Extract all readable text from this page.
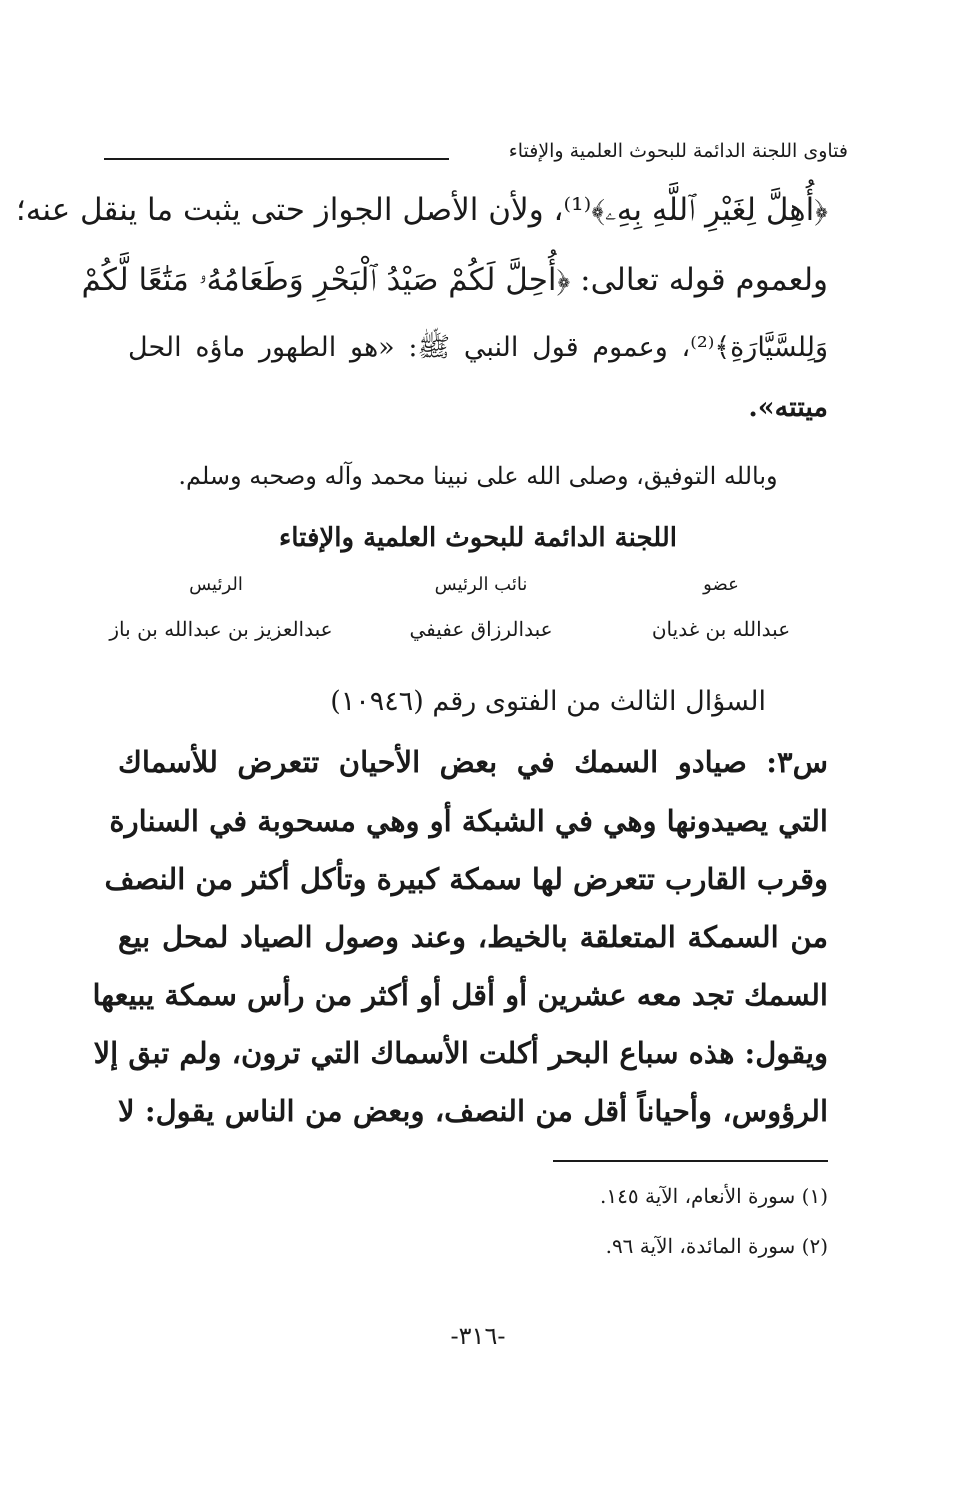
فتاوى اللجنة الدائمة للبحوث العلمية والإفتاء
﴿أُهِلَّ لِغَيْرِ ٱللَّهِ بِهِۦ﴾⁽¹⁾، ولأن الأصل الجواز حتى يثبت ما ينقل عنه؛
ولعموم قوله تعالى: ﴿أُحِلَّ لَكُمْ صَيْدُ ٱلْبَحْرِ وَطَعَامُهُۥ مَتَٰعًا لَّكُمْ
وَلِلسَّيَّارَةِ﴾⁽²⁾، وعموم قول النبي ﷺ: «هو الطهور ماؤه الحل
ميتته».
وبالله التوفيق، وصلى الله على نبينا محمد وآله وصحبه وسلم.
اللجنة الدائمة للبحوث العلمية والإفتاء
عضو
نائب الرئيس
الرئيس
عبدالله بن غديان
عبدالرزاق عفيفي
عبدالعزيز بن عبدالله بن باز
السؤال الثالث من الفتوى رقم (١٠٩٤٦)
س٣: صيادو السمك في بعض الأحيان تتعرض للأسماك
التي يصيدونها وهي في الشبكة أو وهي مسحوبة في السنارة
وقرب القارب تتعرض لها سمكة كبيرة وتأكل أكثر من النصف
من السمكة المتعلقة بالخيط، وعند وصول الصياد لمحل بيع
السمك تجد معه عشرين أو أقل أو أكثر من رأس سمكة يبيعها
ويقول: هذه سباع البحر أكلت الأسماك التي ترون، ولم تبق إلا
الرؤوس، وأحياناً أقل من النصف، وبعض من الناس يقول: لا
(١) سورة الأنعام، الآية ١٤٥.
(٢) سورة المائدة، الآية ٩٦.
-٣١٦-
